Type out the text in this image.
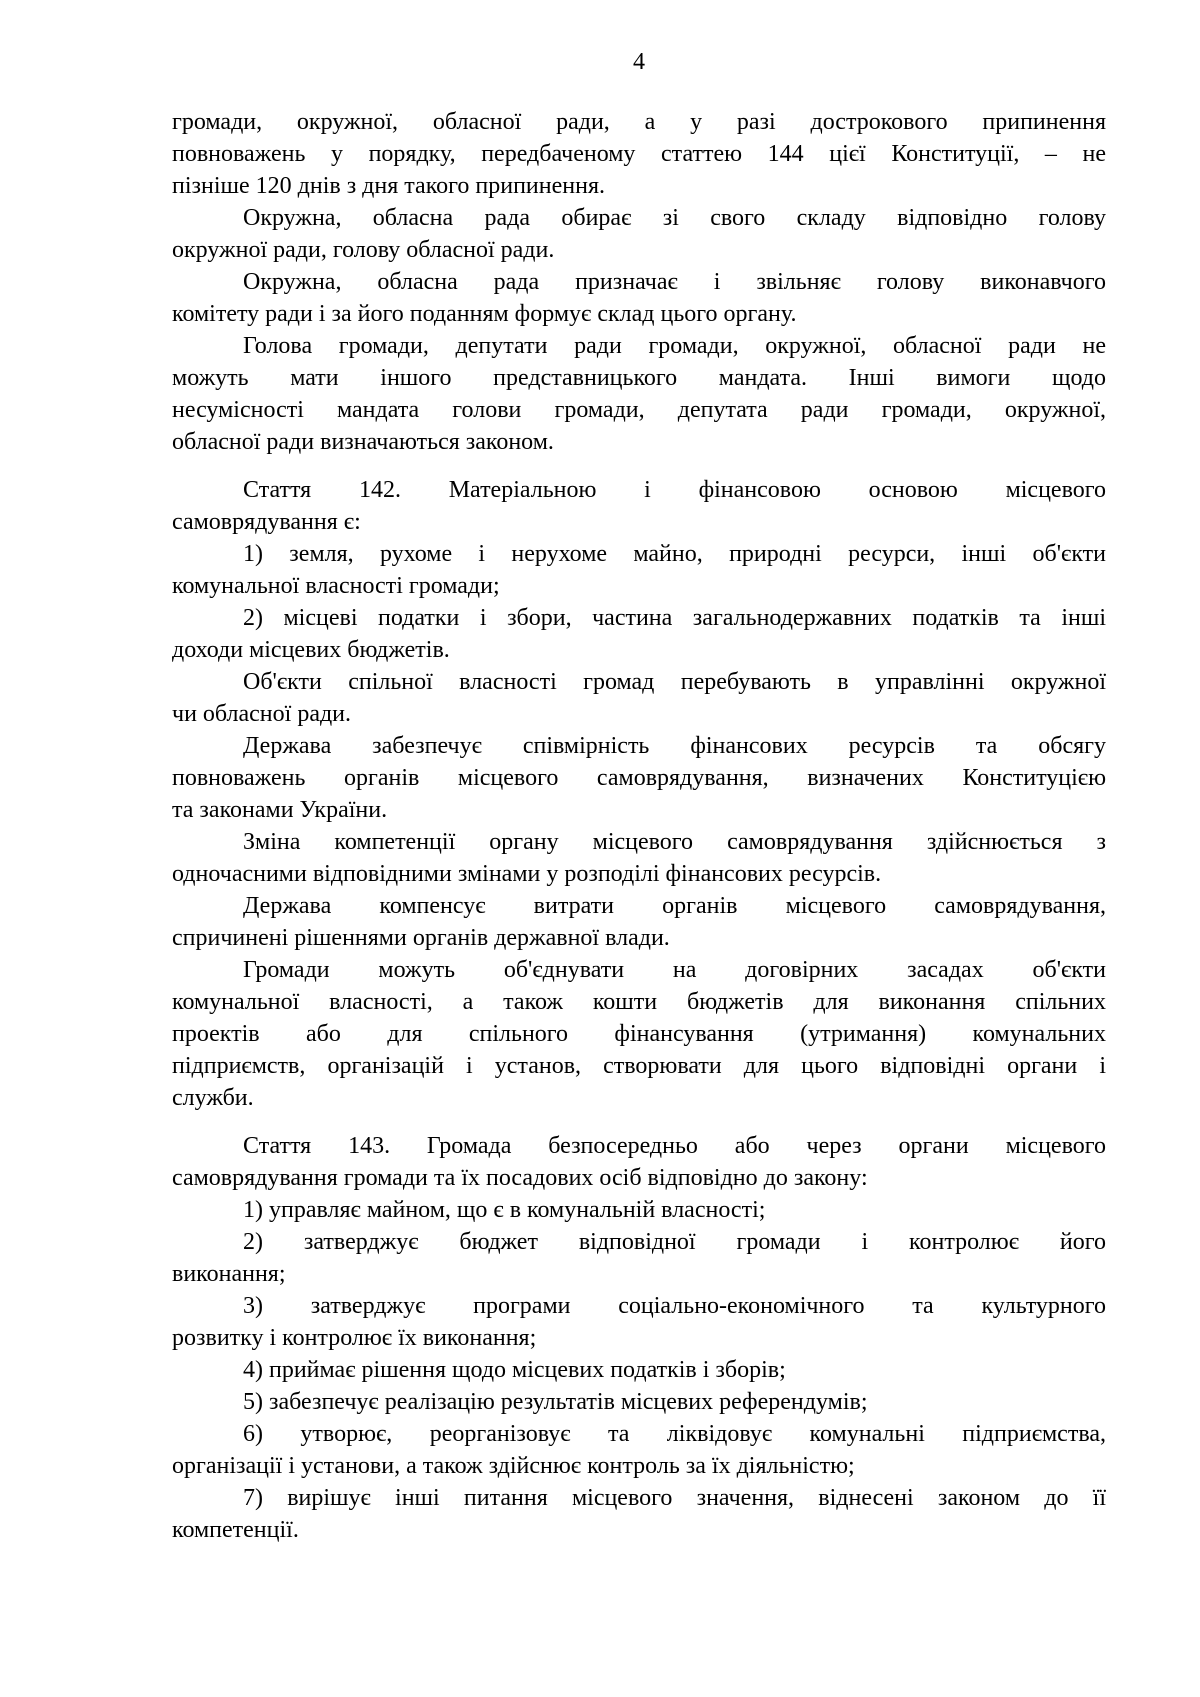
4
громади, окружної, обласної ради, а у разі дострокового припинення
повноважень у порядку, передбаченому статтею 144 цієї Конституції, – не
пізніше 120 днів з дня такого припинення.
Окружна, обласна рада обирає зі свого складу відповідно голову
окружної ради, голову обласної ради.
Окружна, обласна рада призначає і звільняє голову виконавчого
комітету ради і за його поданням формує склад цього органу.
Голова громади, депутати ради громади, окружної, обласної ради не
можуть мати іншого представницького мандата. Інші вимоги щодо
несумісності мандата голови громади, депутата ради громади, окружної,
обласної ради визначаються законом.
Стаття 142. Матеріальною і фінансовою основою місцевого
самоврядування є:
1) земля, рухоме і нерухоме майно, природні ресурси, інші об'єкти
комунальної власності громади;
2) місцеві податки і збори, частина загальнодержавних податків та інші
доходи місцевих бюджетів.
Об'єкти спільної власності громад перебувають в управлінні окружної
чи обласної ради.
Держава забезпечує співмірність фінансових ресурсів та обсягу
повноважень органів місцевого самоврядування, визначених Конституцією
та законами України.
Зміна компетенції органу місцевого самоврядування здійснюється з
одночасними відповідними змінами у розподілі фінансових ресурсів.
Держава компенсує витрати органів місцевого самоврядування,
спричинені рішеннями органів державної влади.
Громади можуть об'єднувати на договірних засадах об'єкти
комунальної власності, а також кошти бюджетів для виконання спільних
проектів або для спільного фінансування (утримання) комунальних
підприємств, організацій і установ, створювати для цього відповідні органи і
служби.
Стаття 143. Громада безпосередньо або через органи місцевого
самоврядування громади та їх посадових осіб відповідно до закону:
1) управляє майном, що є в комунальній власності;
2) затверджує бюджет відповідної громади і контролює його
виконання;
3) затверджує програми соціально-економічного та культурного
розвитку і контролює їх виконання;
4) приймає рішення щодо місцевих податків і зборів;
5) забезпечує реалізацію результатів місцевих референдумів;
6) утворює, реорганізовує та ліквідовує комунальні підприємства,
організації і установи, а також здійснює контроль за їх діяльністю;
7) вирішує інші питання місцевого значення, віднесені законом до її
компетенції.
